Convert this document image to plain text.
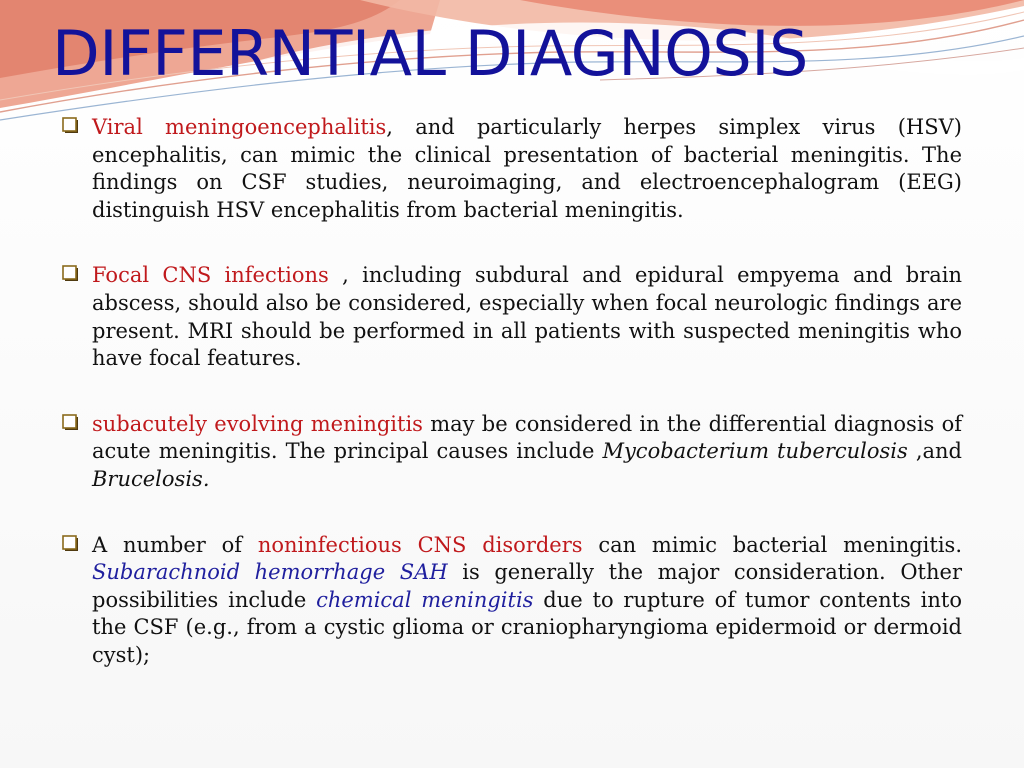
DIFFERNTIAL DIAGNOSIS

Viral meningoencephalitis, and particularly herpes simplex virus (HSV) encephalitis, can mimic the clinical presentation of bacterial meningitis. The findings on CSF studies, neuroimaging, and electroencephalogram (EEG) distinguish HSV encephalitis from bacterial meningitis.

Focal CNS infections , including subdural and epidural empyema and brain abscess, should also be considered, especially when focal neurologic findings are present. MRI should be performed in all patients with suspected meningitis who have focal features.

subacutely evolving meningitis may be considered in the differential diagnosis of acute meningitis. The principal causes include Mycobacterium tuberculosis ,and Brucelosis.

A number of noninfectious CNS disorders can mimic bacterial meningitis. Subarachnoid hemorrhage SAH is generally the major consideration. Other possibilities include chemical meningitis due to rupture of tumor contents into the CSF (e.g., from a cystic glioma or craniopharyngioma epidermoid or dermoid cyst);
